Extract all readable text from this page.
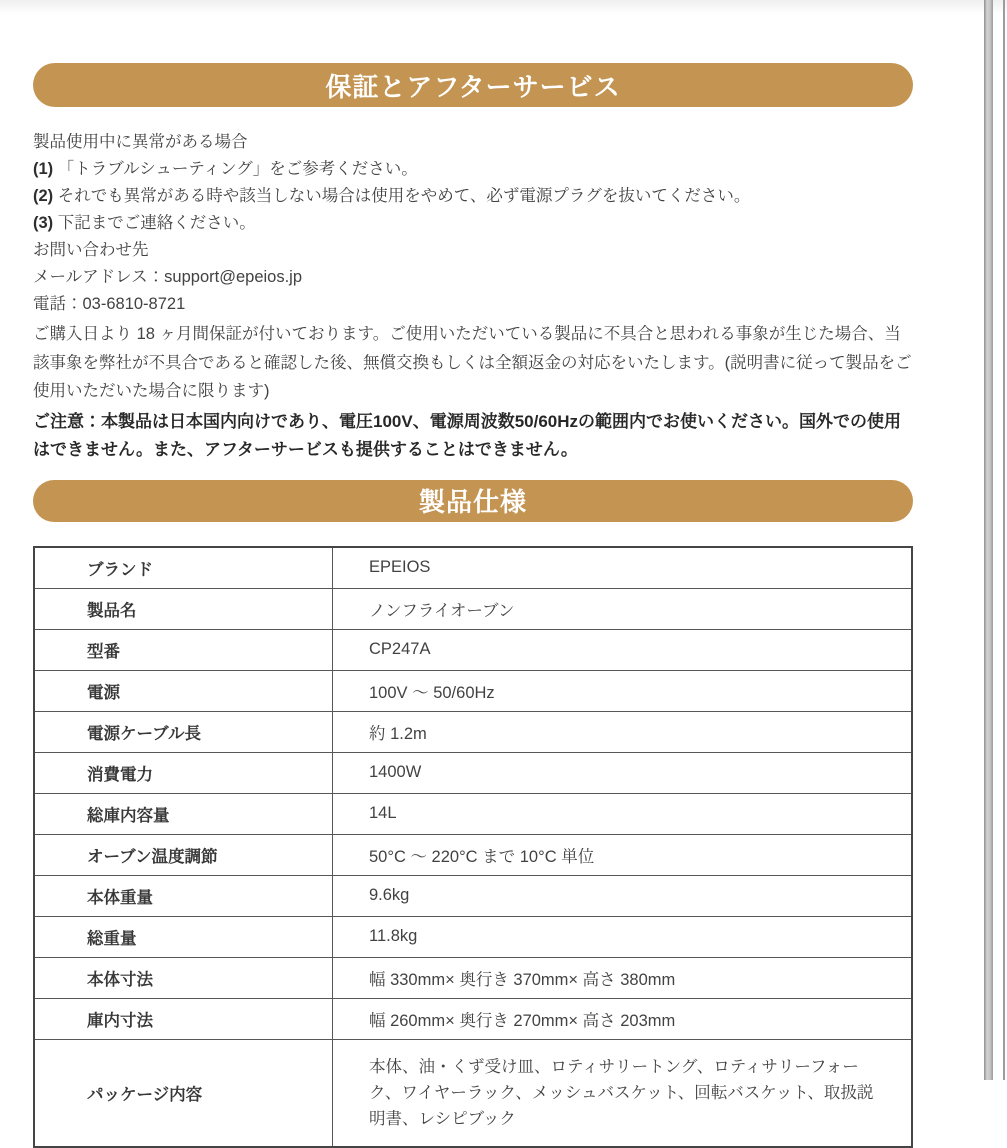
保証とアフターサービス
製品使用中に異常がある場合
(1) 「トラブルシューティング」をご参考ください。
(2) それでも異常がある時や該当しない場合は使用をやめて、必ず電源プラグを抜いてください。
(3) 下記までご連絡ください。
お問い合わせ先
メールアドレス：support@epeios.jp
電話：03-6810-8721

ご購入日より 18 ヶ月間保証が付いております。ご使用いただいている製品に不具合と思われる事象が生じた場合、当該事象を弊社が不具合であると確認した後、無償交換もしくは全額返金の対応をいたします。(説明書に従って製品をご使用いただいた場合に限ります)

ご注意：本製品は日本国内向けであり、電圧100V、電源周波数50/60Hzの範囲内でお使いください。国外での使用はできません。また、アフターサービスも提供することはできません。

製品仕様
ブランド	EPEIOS
製品名	ノンフライオーブン
型番	CP247A
電源	100V ～ 50/60Hz
電源ケーブル長	約 1.2m
消費電力	1400W
総庫内容量	14L
オーブン温度調節	50°C ～ 220°C まで 10°C 単位
本体重量	9.6kg
総重量	11.8kg
本体寸法	幅 330mm× 奥行き 370mm× 高さ 380mm
庫内寸法	幅 260mm× 奥行き 270mm× 高さ 203mm
パッケージ内容	本体、油・くず受け皿、ロティサリートング、ロティサリーフォーク、ワイヤーラック、メッシュバスケット、回転バスケット、取扱説明書、レシピブック
